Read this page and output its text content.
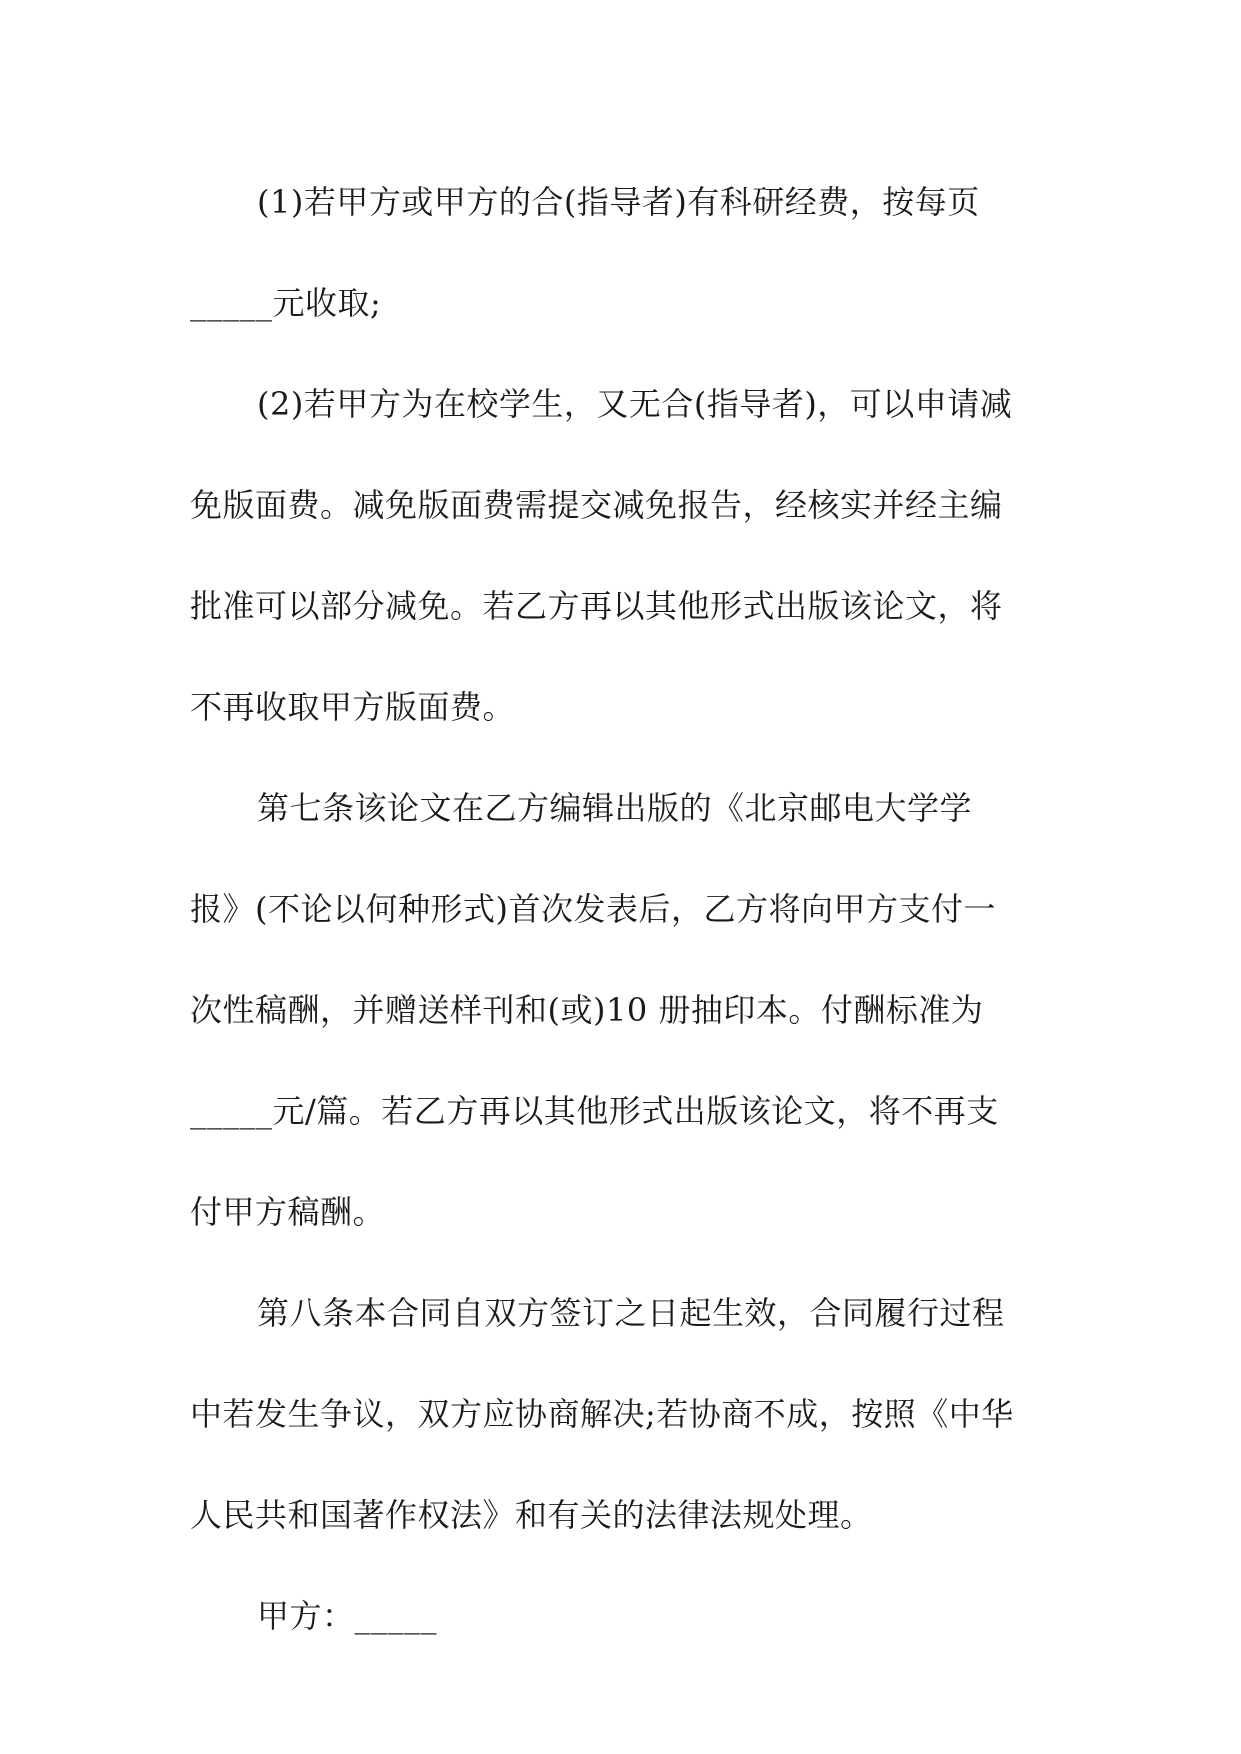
(1)若甲方或甲方的合(指导者)有科研经费，按每页

_____元收取;

(2)若甲方为在校学生，又无合(指导者)，可以申请减

免版面费。减免版面费需提交减免报告，经核实并经主编

批准可以部分减免。若乙方再以其他形式出版该论文，将

不再收取甲方版面费。

第七条该论文在乙方编辑出版的《北京邮电大学学

报》(不论以何种形式)首次发表后，乙方将向甲方支付一

次性稿酬，并赠送样刊和(或)10 册抽印本。付酬标准为

_____元/篇。若乙方再以其他形式出版该论文，将不再支

付甲方稿酬。

第八条本合同自双方签订之日起生效，合同履行过程

中若发生争议，双方应协商解决;若协商不成，按照《中华

人民共和国著作权法》和有关的法律法规处理。

甲方：_____
